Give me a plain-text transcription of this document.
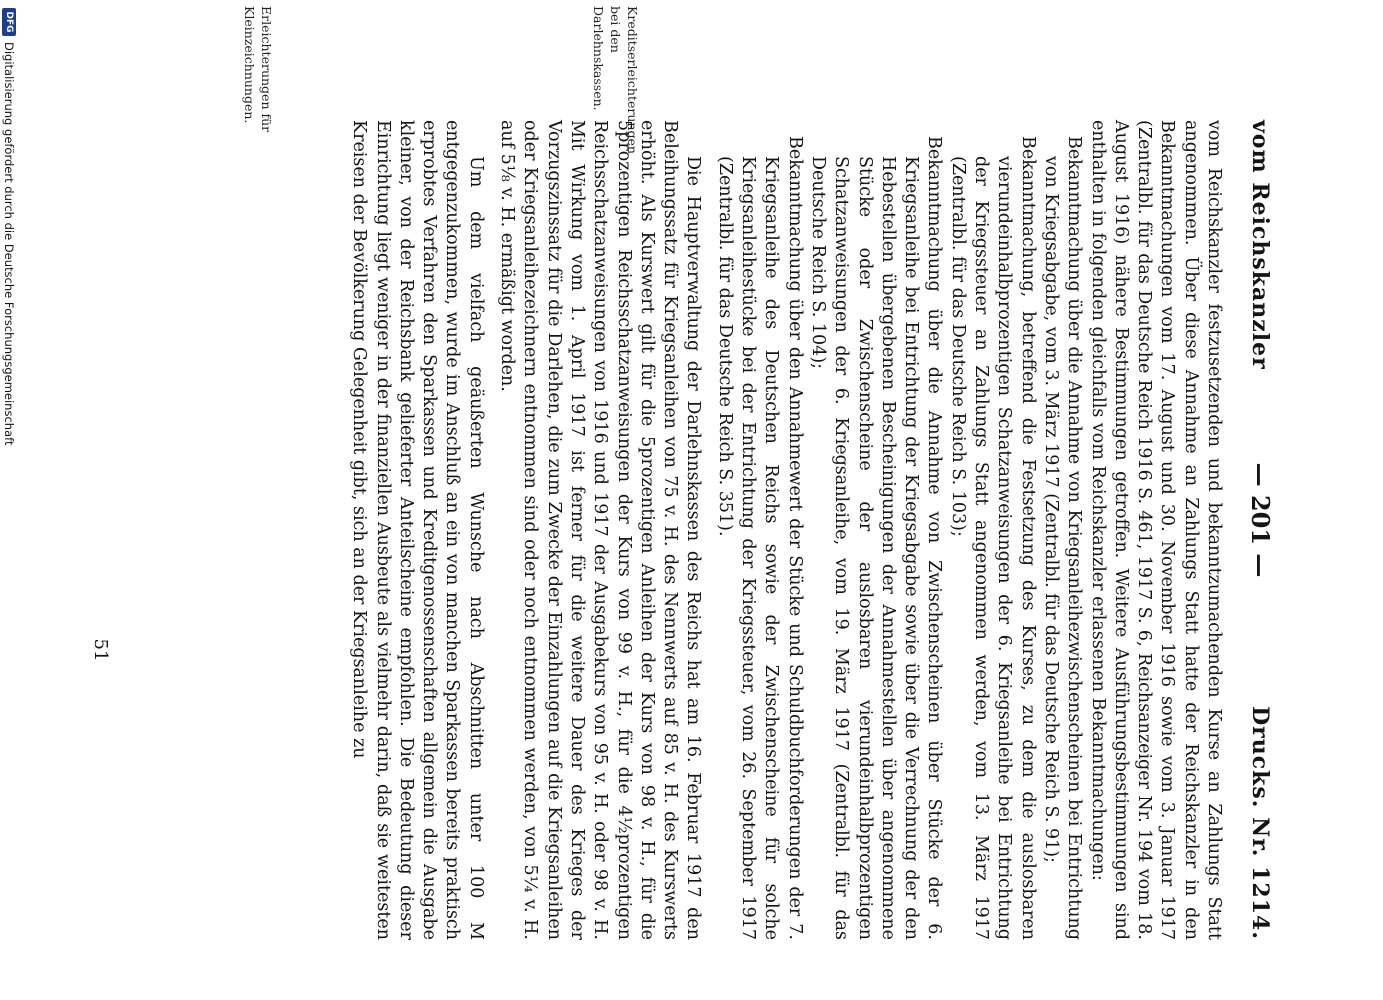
vom Reichskanzler
— 201 —
Drucks. Nr. 1214.

vom Reichskanzler festzusetzenden und bekanntzumachenden Kurse an Zahlungs Statt angenommen. Über diese Annahme an Zahlungs Statt hatte der Reichskanzler in den Bekanntmachungen vom 17. August und 30. November 1916 sowie vom 3. Januar 1917 (Zentralbl. für das Deutsche Reich 1916 S. 461, 1917 S. 6, Reichsanzeiger Nr. 194 vom 18. August 1916) nähere Bestimmungen getroffen. Weitere Ausführungsbestimmungen sind enthalten in folgenden gleichfalls vom Reichskanzler erlassenen Bekanntmachungen:

Bekanntmachung über die Annahme von Kriegsanleihezwischenscheinen bei Entrichtung von Kriegsabgabe, vom 3. März 1917 (Zentralbl. für das Deutsche Reich S. 91);

Bekanntmachung, betreffend die Festsetzung des Kurses, zu dem die auslosbaren vierundeinhalbprozentigen Schatzanweisungen der 6. Kriegsanleihe bei Entrichtung der Kriegssteuer an Zahlungs Statt angenommen werden, vom 13. März 1917 (Zentralbl. für das Deutsche Reich S. 103);

Bekanntmachung über die Annahme von Zwischenscheinen über Stücke der 6. Kriegsanleihe bei Entrichtung der Kriegsabgabe sowie über die Verrechnung der den Hebestellen übergebenen Bescheinigungen der Annahmestellen über angenommene Stücke oder Zwischenscheine der auslosbaren vierundeinhalbprozentigen Schatzanweisungen der 6. Kriegsanleihe, vom 19. März 1917 (Zentralbl. für das Deutsche Reich S. 104);

Bekanntmachung über den Annahmewert der Stücke und Schuldbuchforderungen der 7. Kriegsanleihe des Deutschen Reichs sowie der Zwischenscheine für solche Kriegsanleihestücke bei der Entrichtung der Kriegssteuer, vom 26. September 1917 (Zentralbl. für das Deutsche Reich S. 351).

Die Hauptverwaltung der Darlehnskassen des Reichs hat am 16. Februar 1917 den Beleihungssatz für Kriegsanleihen von 75 v. H. des Nennwerts auf 85 v. H. des Kurswerts erhöht. Als Kurswert gilt für die 5prozentigen Anleihen der Kurs von 98 v. H., für die 5prozentigen Reichsschatzanweisungen der Kurs von 99 v. H., für die 4½prozentigen Reichsschatzanweisungen von 1916 und 1917 der Ausgabekurs von 95 v. H. oder 98 v. H. Mit Wirkung vom 1. April 1917 ist ferner für die weitere Dauer des Krieges der Vorzugszinssatz für die Darlehen, die zum Zwecke der Einzahlungen auf die Kriegsanleihen oder Kriegsanleihezeichnern entnommen sind oder noch entnommen werden, von 5¼ v. H. auf 5⅛ v. H. ermäßigt worden.

Um dem vielfach geäußerten Wunsche nach Abschnitten unter 100 M entgegenzukommen, wurde im Anschluß an ein von manchen Sparkassen bereits praktisch erprobtes Verfahren den Sparkassen und Kreditgenossenschaften allgemein die Ausgabe kleiner, von der Reichsbank gelieferter Anteilscheine empfohlen. Die Bedeutung dieser Einrichtung liegt weniger in der finanziellen Ausbeute als vielmehr darin, daß sie weitesten Kreisen der Bevölkerung Gelegenheit gibt, sich an der Kriegsanleihe zu

Kreditserleichterungen bei den Darlehnskassen.
Erleichterungen für Kleinzeichnungen.
51
DFG
Digitalisierung gefördert durch die Deutsche Forschungsgemeinschaft
